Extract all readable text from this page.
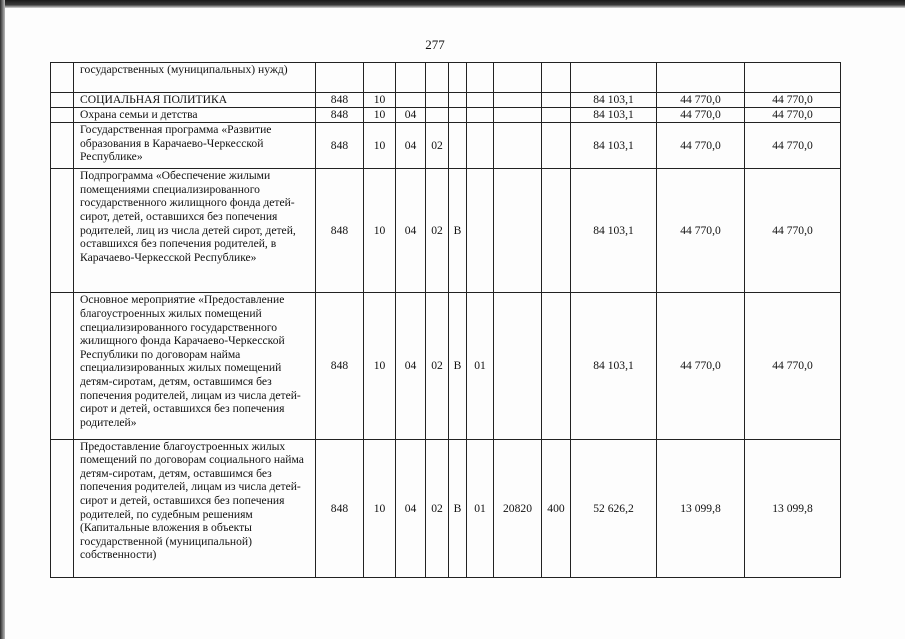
277
	государственных (муниципальных) нужд)											
	СОЦИАЛЬНАЯ ПОЛИТИКА	848	10							84 103,1	44 770,0	44 770,0
	Охрана семьи и детства	848	10	04						84 103,1	44 770,0	44 770,0
	Государственная программа «Развитие образования в Карачаево-Черкесской Республике»	848	10	04	02					84 103,1	44 770,0	44 770,0
	Подпрограмма «Обеспечение жилыми помещениями специализированного государственного жилищного фонда детей-сирот, детей, оставшихся без попечения родителей, лиц из числа детей сирот, детей, оставшихся без попечения родителей, в Карачаево-Черкесской Республике»	848	10	04	02	В				84 103,1	44 770,0	44 770,0
	Основное мероприятие «Предоставление благоустроенных жилых помещений специализированного государственного жилищного фонда Карачаево-Черкесской Республики по договорам найма специализированных жилых помещений детям-сиротам, детям, оставшимся без попечения родителей, лицам из числа детей-сирот и детей, оставшихся без попечения родителей»	848	10	04	02	В	01			84 103,1	44 770,0	44 770,0
	Предоставление благоустроенных жилых помещений по договорам социального найма детям-сиротам, детям, оставшимся без попечения родителей, лицам из числа детей-сирот и детей, оставшихся без попечения родителей, по судебным решениям (Капитальные вложения в объекты государственной (муниципальной) собственности)	848	10	04	02	В	01	20820	400	52 626,2	13 099,8	13 099,8
